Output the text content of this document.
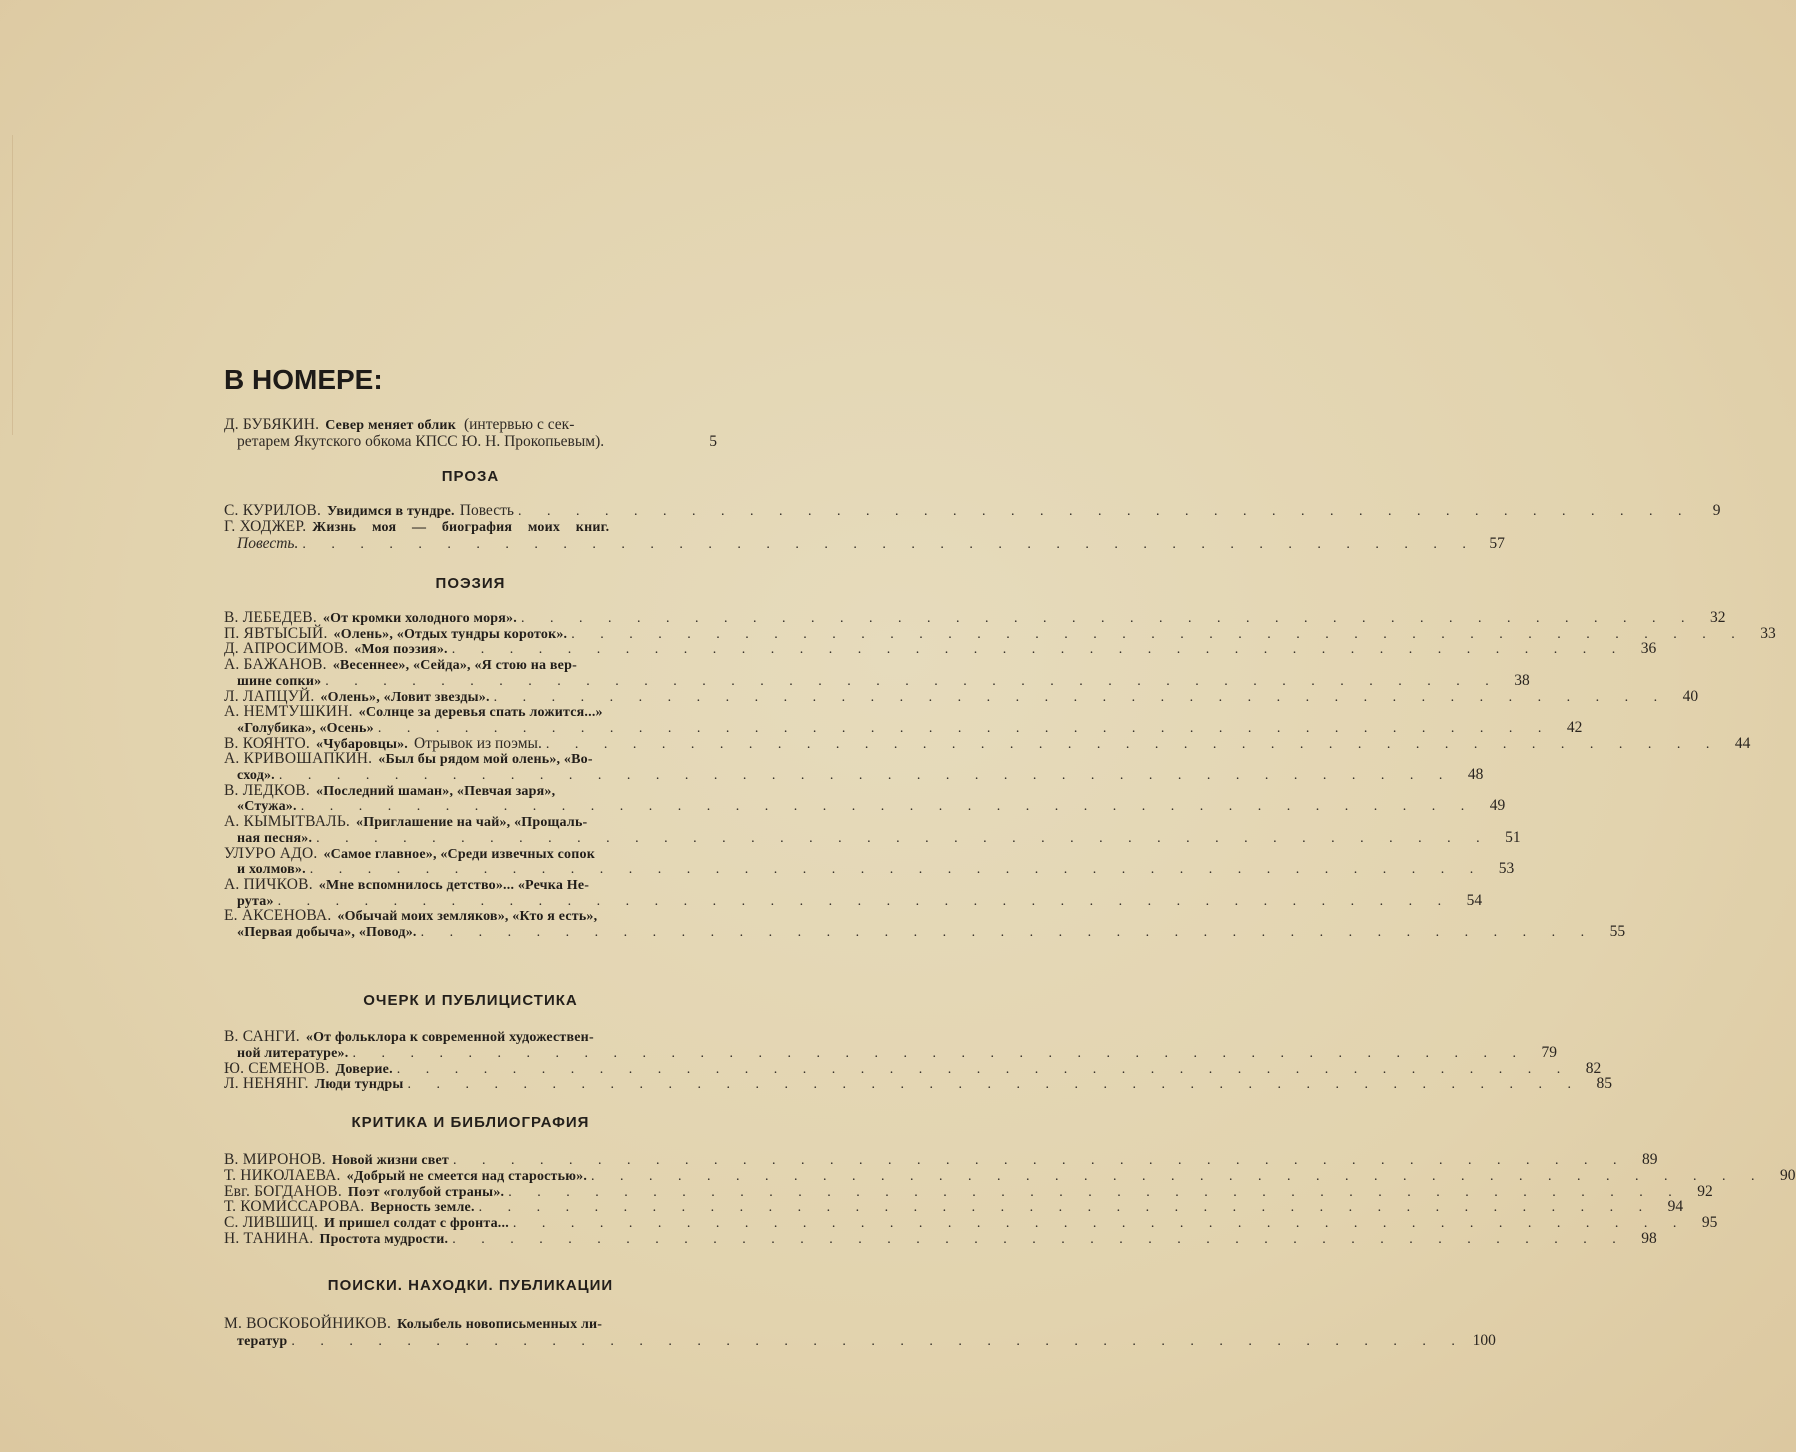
В НОМЕРЕ:
Д. БУБЯКИН. Север меняет облик (интервью с сек-
ретарем Якутского обкома КПСС Ю. Н. Прокопьевым).	5
ПРОЗА
С. КУРИЛОВ. Увидимся в тундре. Повесть . . . . . . . . . . . . . . . . . . . . . . . . . . . . . . . . . . . . . . . . .	9
Г. ХОДЖЕР. Жизнь моя — биография моих книг.
Повесть. . . . . . . . . . . . . . . . . . . . . . . . . . . . . . . . . . . . . . . . . . 57
ПОЭЗИЯ
В. ЛЕБЕДЕВ. «От кромки холодного моря». . . . . . . . . . . . . . . . . . . . . . . . . . . . . . . . . . . . . . . . . . 32
П. ЯВТЫСЫЙ. «Олень», «Отдых тундры короток». . . . . . . . . . . . . . . . . . . . . . . . . . . . . . . . . . . . . . . . . . 33
Д. АПРОСИМОВ. «Моя поэзия». . . . . . . . . . . . . . . . . . . . . . . . . . . . . . . . . . . . . . . . . . 36
А. БАЖАНОВ. «Весеннее», «Сейда», «Я стою на вер-
шине сопки» . . . . . . . . . . . . . . . . . . . . . . . . . . . . . . . . . . . . . . . . . 38
Л. ЛАПЦУЙ. «Олень», «Ловит звезды». . . . . . . . . . . . . . . . . . . . . . . . . . . . . . . . . . . . . . . . . . 40
А. НЕМТУШКИН. «Солнце за деревья спать ложится...»
«Голубика», «Осень» . . . . . . . . . . . . . . . . . . . . . . . . . . . . . . . . . . . . . . . . . 42
В. КОЯНТО. «Чубаровцы». Отрывок из поэмы. . . . . . . . . . . . . . . . . . . . . . . . . . . . . . . . . . . . . . . . . . 44
А. КРИВОШАПКИН. «Был бы рядом мой олень», «Во-
сход». . . . . . . . . . . . . . . . . . . . . . . . . . . . . . . . . . . . . . . . . . 48
В. ЛЕДКОВ. «Последний шаман», «Певчая заря»,
«Стужа». . . . . . . . . . . . . . . . . . . . . . . . . . . . . . . . . . . . . . . . . . 49
А. КЫМЫТВАЛЬ. «Приглашение на чай», «Прощаль-
ная песня». . . . . . . . . . . . . . . . . . . . . . . . . . . . . . . . . . . . . . . . . . 51
УЛУРО АДО. «Самое главное», «Среди извечных сопок
и холмов». . . . . . . . . . . . . . . . . . . . . . . . . . . . . . . . . . . . . . . . . . 53
А. ПИЧКОВ. «Мне вспомнилось детство»... «Речка Не-
рута» . . . . . . . . . . . . . . . . . . . . . . . . . . . . . . . . . . . . . . . . . 54
Е. АКСЕНОВА. «Обычай моих земляков», «Кто я есть»,
«Первая добыча», «Повод». . . . . . . . . . . . . . . . . . . . . . . . . . . . . . . . . . . . . . . . . . 55
ОЧЕРК И ПУБЛИЦИСТИКА
В. САНГИ. «От фольклора к современной художествен-
ной литературе». . . . . . . . . . . . . . . . . . . . . . . . . . . . . . . . . . . . . . . . . . 79
Ю. СЕМЕНОВ. Доверие. . . . . . . . . . . . . . . . . . . . . . . . . . . . . . . . . . . . . . . . . . 82
Л. НЕНЯНГ. Люди тундры . . . . . . . . . . . . . . . . . . . . . . . . . . . . . . . . . . . . . . . . . 85
КРИТИКА И БИБЛИОГРАФИЯ
В. МИРОНОВ. Новой жизни свет . . . . . . . . . . . . . . . . . . . . . . . . . . . . . . . . . . . . . . . . . 89
Т. НИКОЛАЕВА. «Добрый не смеется над старостью». . . . . . . . . . . . . . . . . . . . . . . . . . . . . . . . . . . . . . . . . . 90
Евг. БОГДАНОВ. Поэт «голубой страны». . . . . . . . . . . . . . . . . . . . . . . . . . . . . . . . . . . . . . . . . . 92
Т. КОМИССАРОВА. Верность земле. . . . . . . . . . . . . . . . . . . . . . . . . . . . . . . . . . . . . . . . . . 94
С. ЛИВШИЦ. И пришел солдат с фронта... . . . . . . . . . . . . . . . . . . . . . . . . . . . . . . . . . . . . . . . . . 95
Н. ТАНИНА. Простота мудрости. . . . . . . . . . . . . . . . . . . . . . . . . . . . . . . . . . . . . . . . . . 98
ПОИСКИ. НАХОДКИ. ПУБЛИКАЦИИ
М. ВОСКОБОЙНИКОВ. Колыбель новописьменных ли-
тератур . . . . . . . . . . . . . . . . . . . . . . . . . . . . . . . . . . . . . . . . . 100
